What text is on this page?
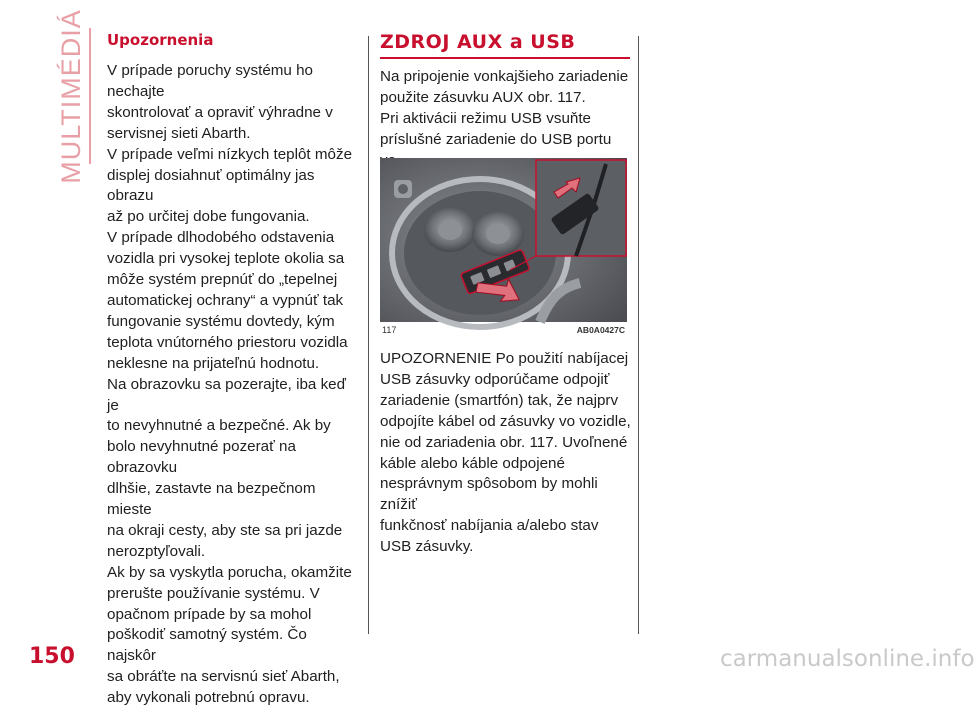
MULTIMÉDIÁ Upozornenia

V prípade poruchy systému ho nechajte

skontrolovať a opraviť výhradne v

servisnej sieti Abarth.

V prípade veľmi nízkych teplôt môže

displej dosiahnuť optimálny jas obrazu

až po určitej dobe fungovania.

V prípade dlhodobého odstavenia

vozidla pri vysokej teplote okolia sa

môže systém prepnúť do „tepelnej

automatickej ochrany“ a vypnúť tak

fungovanie systému dovtedy, kým

teplota vnútorného priestoru vozidla

neklesne na prijateľnú hodnotu.

Na obrazovku sa pozerajte, iba keď je

to nevyhnutné a bezpečné. Ak by

bolo nevyhnutné pozerať na obrazovku

dlhšie, zastavte na bezpečnom mieste

na okraji cesty, aby ste sa pri jazde

nerozptyľovali.

Ak by sa vyskytla porucha, okamžite

prerušte používanie systému. V

opačnom prípade by sa mohol

poškodiť samotný systém. Čo najskôr

sa obráťte na servisnú sieť Abarth,

aby vykonali potrebnú opravu.

ZDROJ AUX a USB

Na pripojenie vonkajšieho zariadenie

použite zásuvku AUX obr. 117.

Pri aktivácii režimu USB vsuňte

príslušné zariadenie do USB portu

117	AB0A0427C

UPOZORNENIE Po použití nabíjacej

USB zásuvky odporúčame odpojiť

zariadenie (smartfón) tak, že najprv

odpojíte kábel od zásuvky vo vozidle,

nie od zariadenia obr. 117. Uvoľnené

káble alebo káble odpojené

nesprávnym spôsobom by mohli znížiť

funkčnosť nabíjania a/alebo stav

USB zásuvky.

150	carmanualsonline.info
